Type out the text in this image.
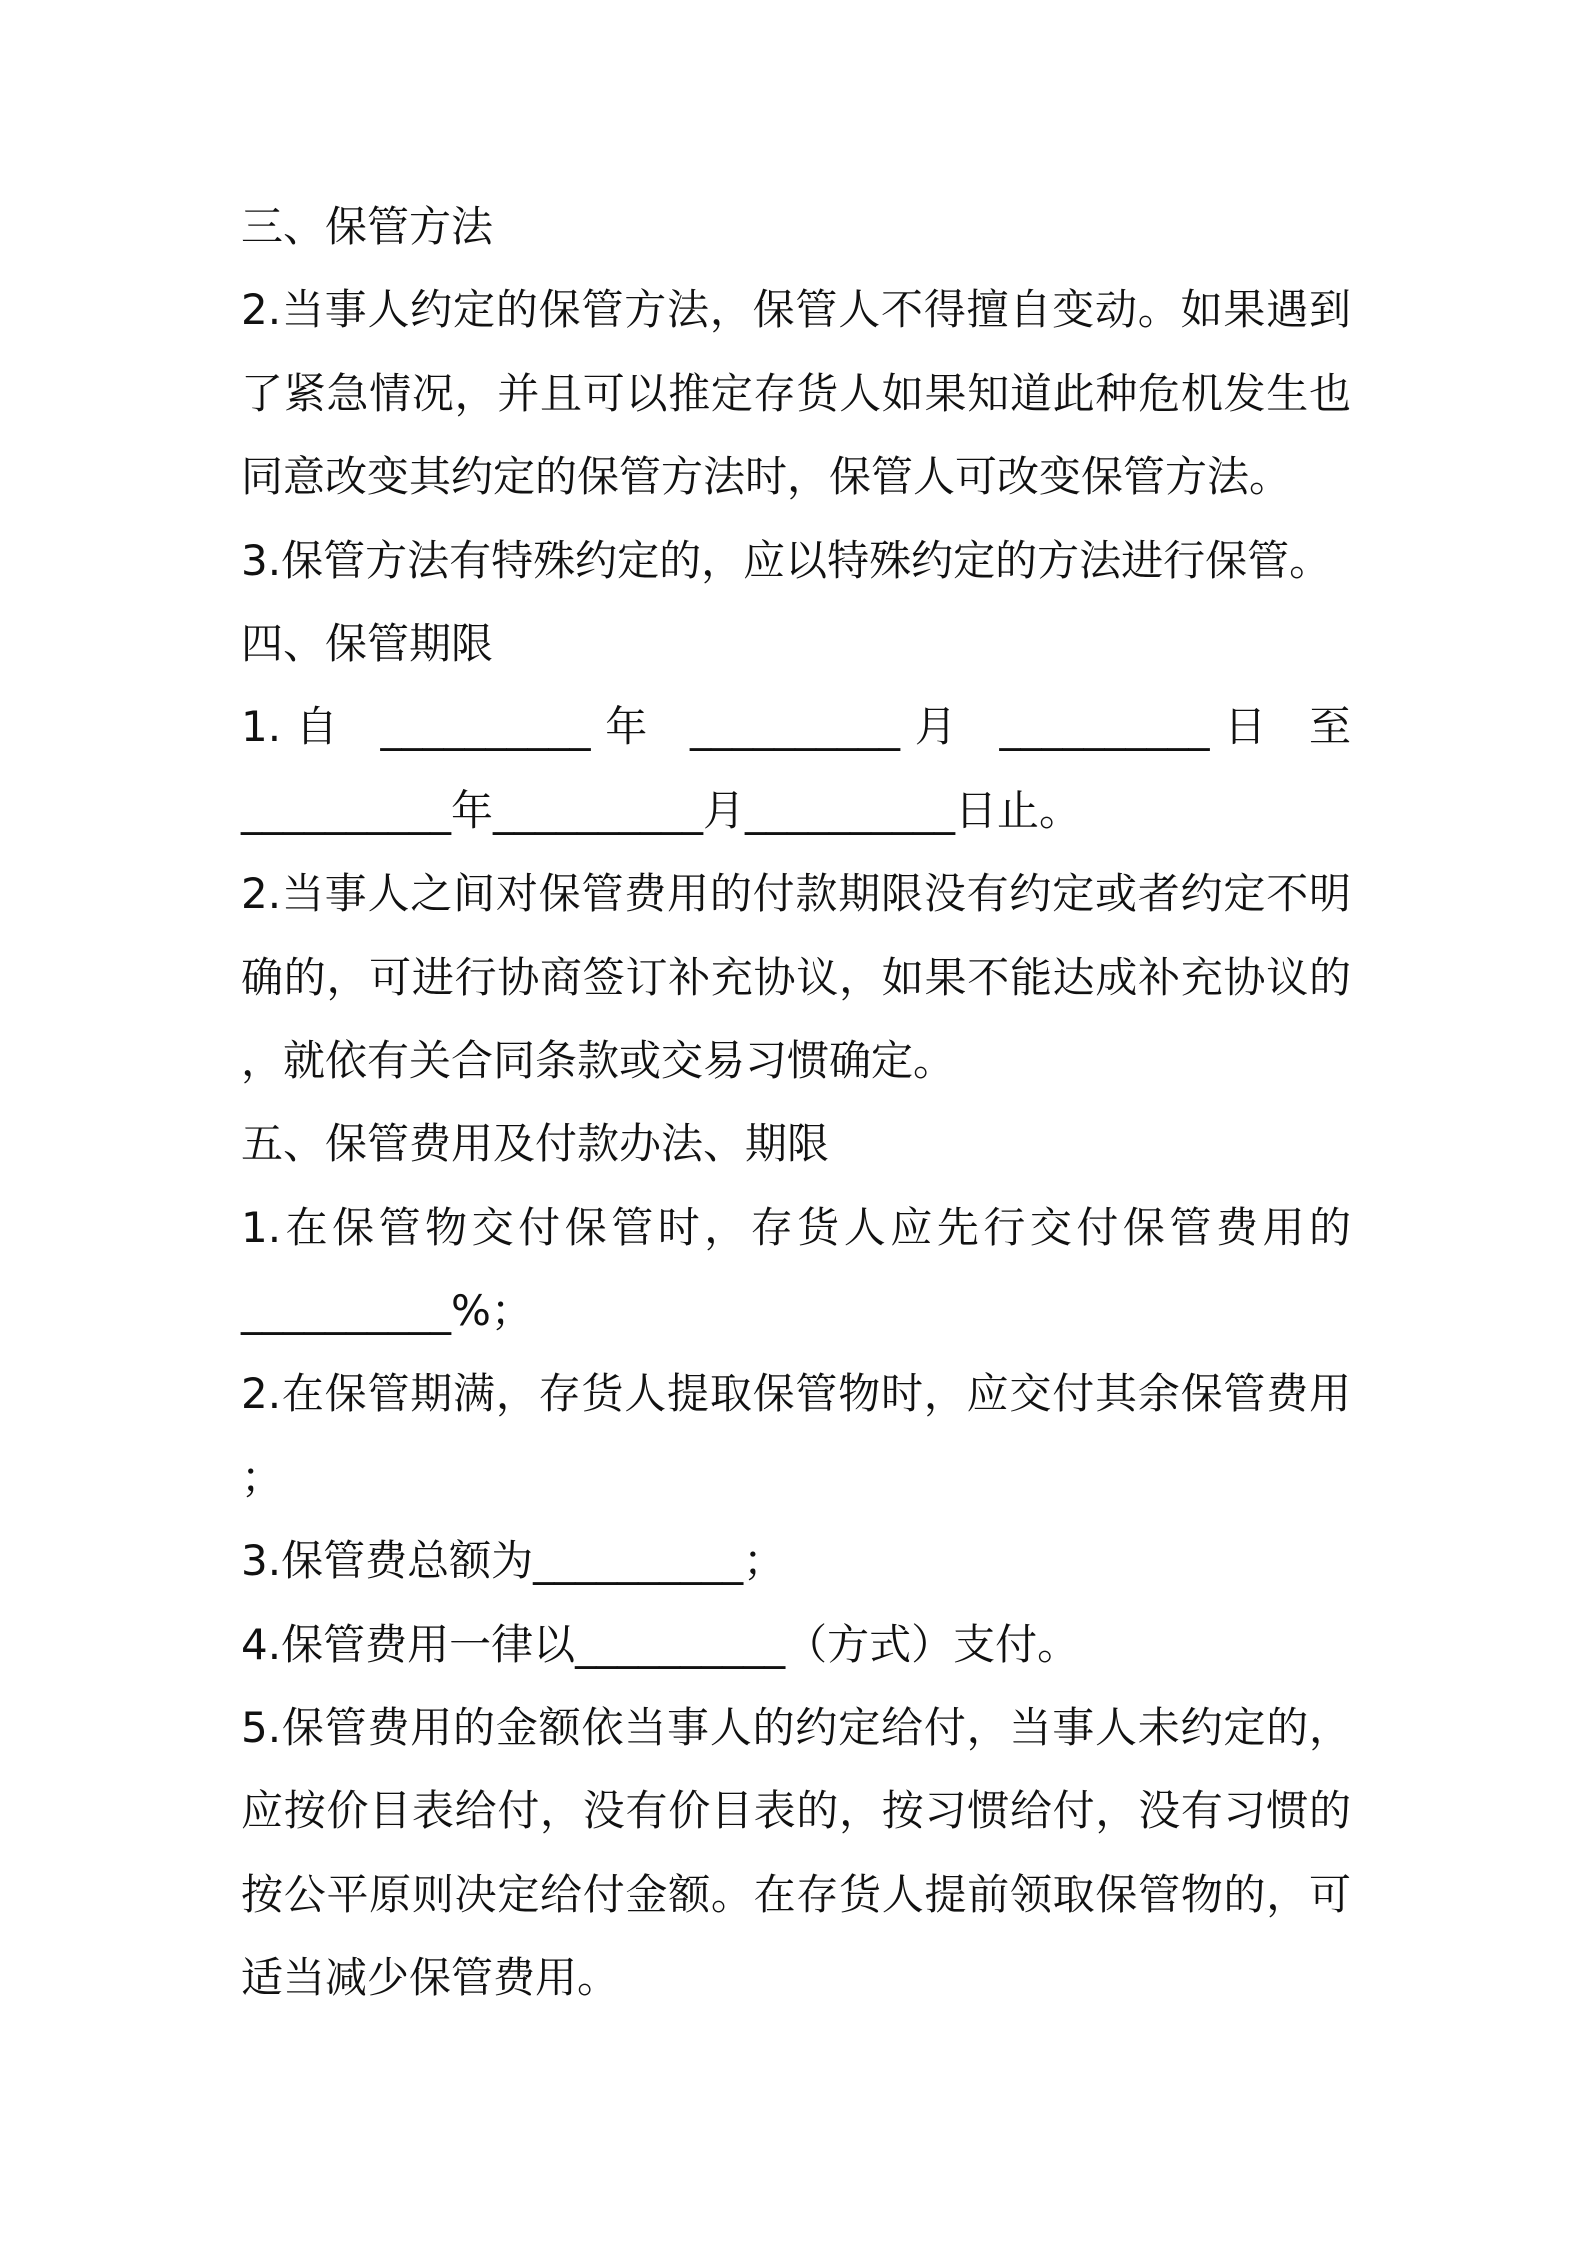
三、保管方法
2.当事人约定的保管方法，保管人不得擅自变动。如果遇到
了紧急情况，并且可以推定存货人如果知道此种危机发生也
同意改变其约定的保管方法时，保管人可改变保管方法。
3.保管方法有特殊约定的，应以特殊约定的方法进行保管。
四、保管期限
1.自 __________年 __________月 __________日 至
__________年__________月__________日止。
2.当事人之间对保管费用的付款期限没有约定或者约定不明
确的，可进行协商签订补充协议，如果不能达成补充协议的
，就依有关合同条款或交易习惯确定。
五、保管费用及付款办法、期限
1.在保管物交付保管时，存货人应先行交付保管费用的
__________%；
2.在保管期满，存货人提取保管物时，应交付其余保管费用
；
3.保管费总额为__________；
4.保管费用一律以__________（方式）支付。
5.保管费用的金额依当事人的约定给付，当事人未约定的，
应按价目表给付，没有价目表的，按习惯给付，没有习惯的
按公平原则决定给付金额。在存货人提前领取保管物的，可
适当减少保管费用。
